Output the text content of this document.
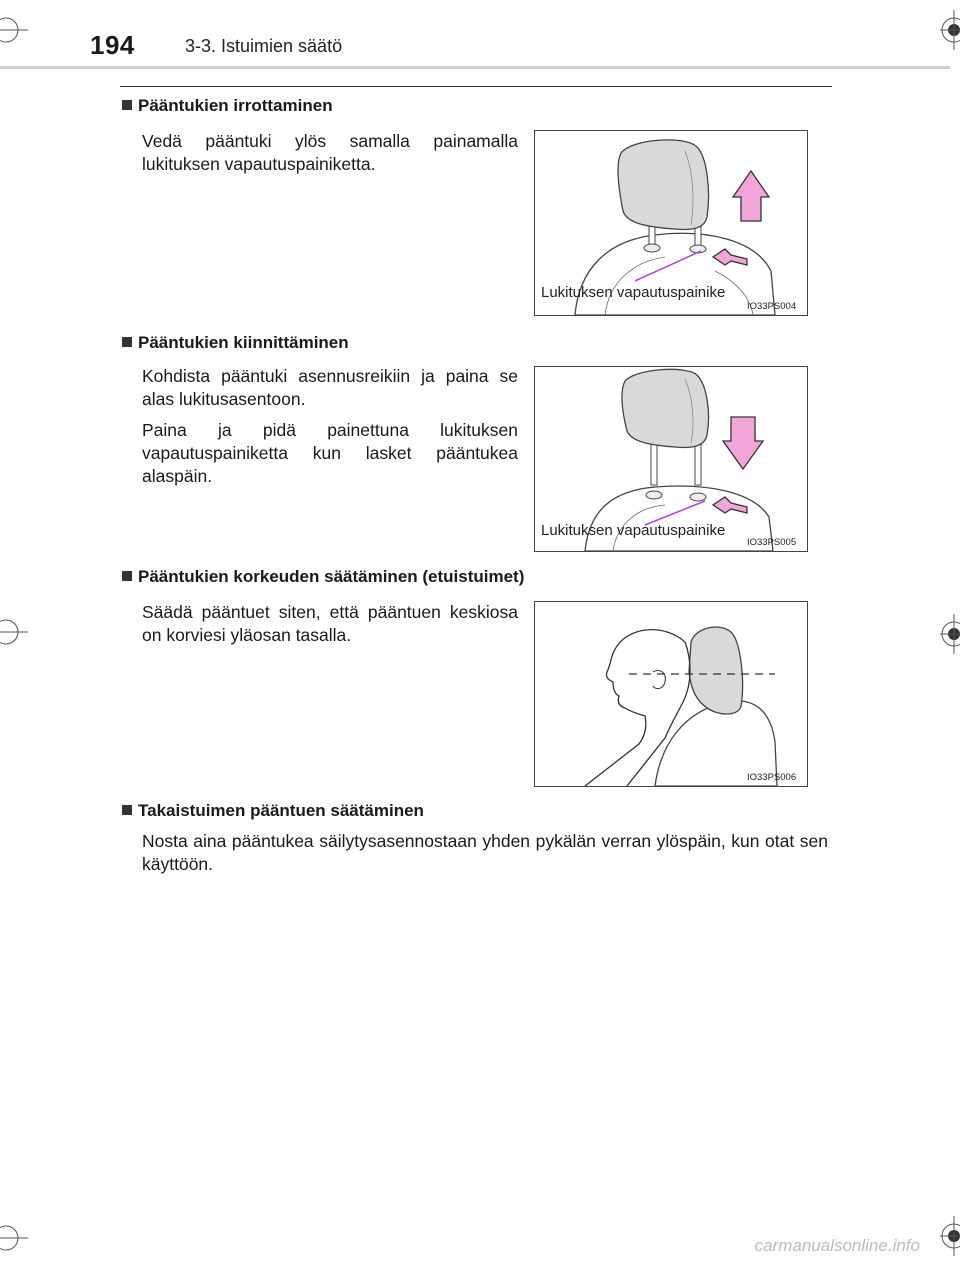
194	3-3. Istuimien säätö
Pääntukien irrottaminen
Vedä pääntuki ylös samalla painamalla lukituksen vapautuspainiketta.
Lukituksen vapautuspainike
IO33PS004
Pääntukien kiinnittäminen
Kohdista pääntuki asennusreikiin ja paina se alas lukitusasentoon.
Paina ja pidä painettuna lukituksen vapautuspainiketta kun lasket pääntukea alaspäin.
Lukituksen vapautuspainike
IO33PS005
Pääntukien korkeuden säätäminen (etuistuimet)
Säädä pääntuet siten, että pääntuen keskiosa on korviesi yläosan tasalla.
IO33PS006
Takaistuimen pääntuen säätäminen
Nosta aina pääntukea säilytysasennostaan yhden pykälän verran ylöspäin, kun otat sen käyttöön.
carmanualsonline.info
